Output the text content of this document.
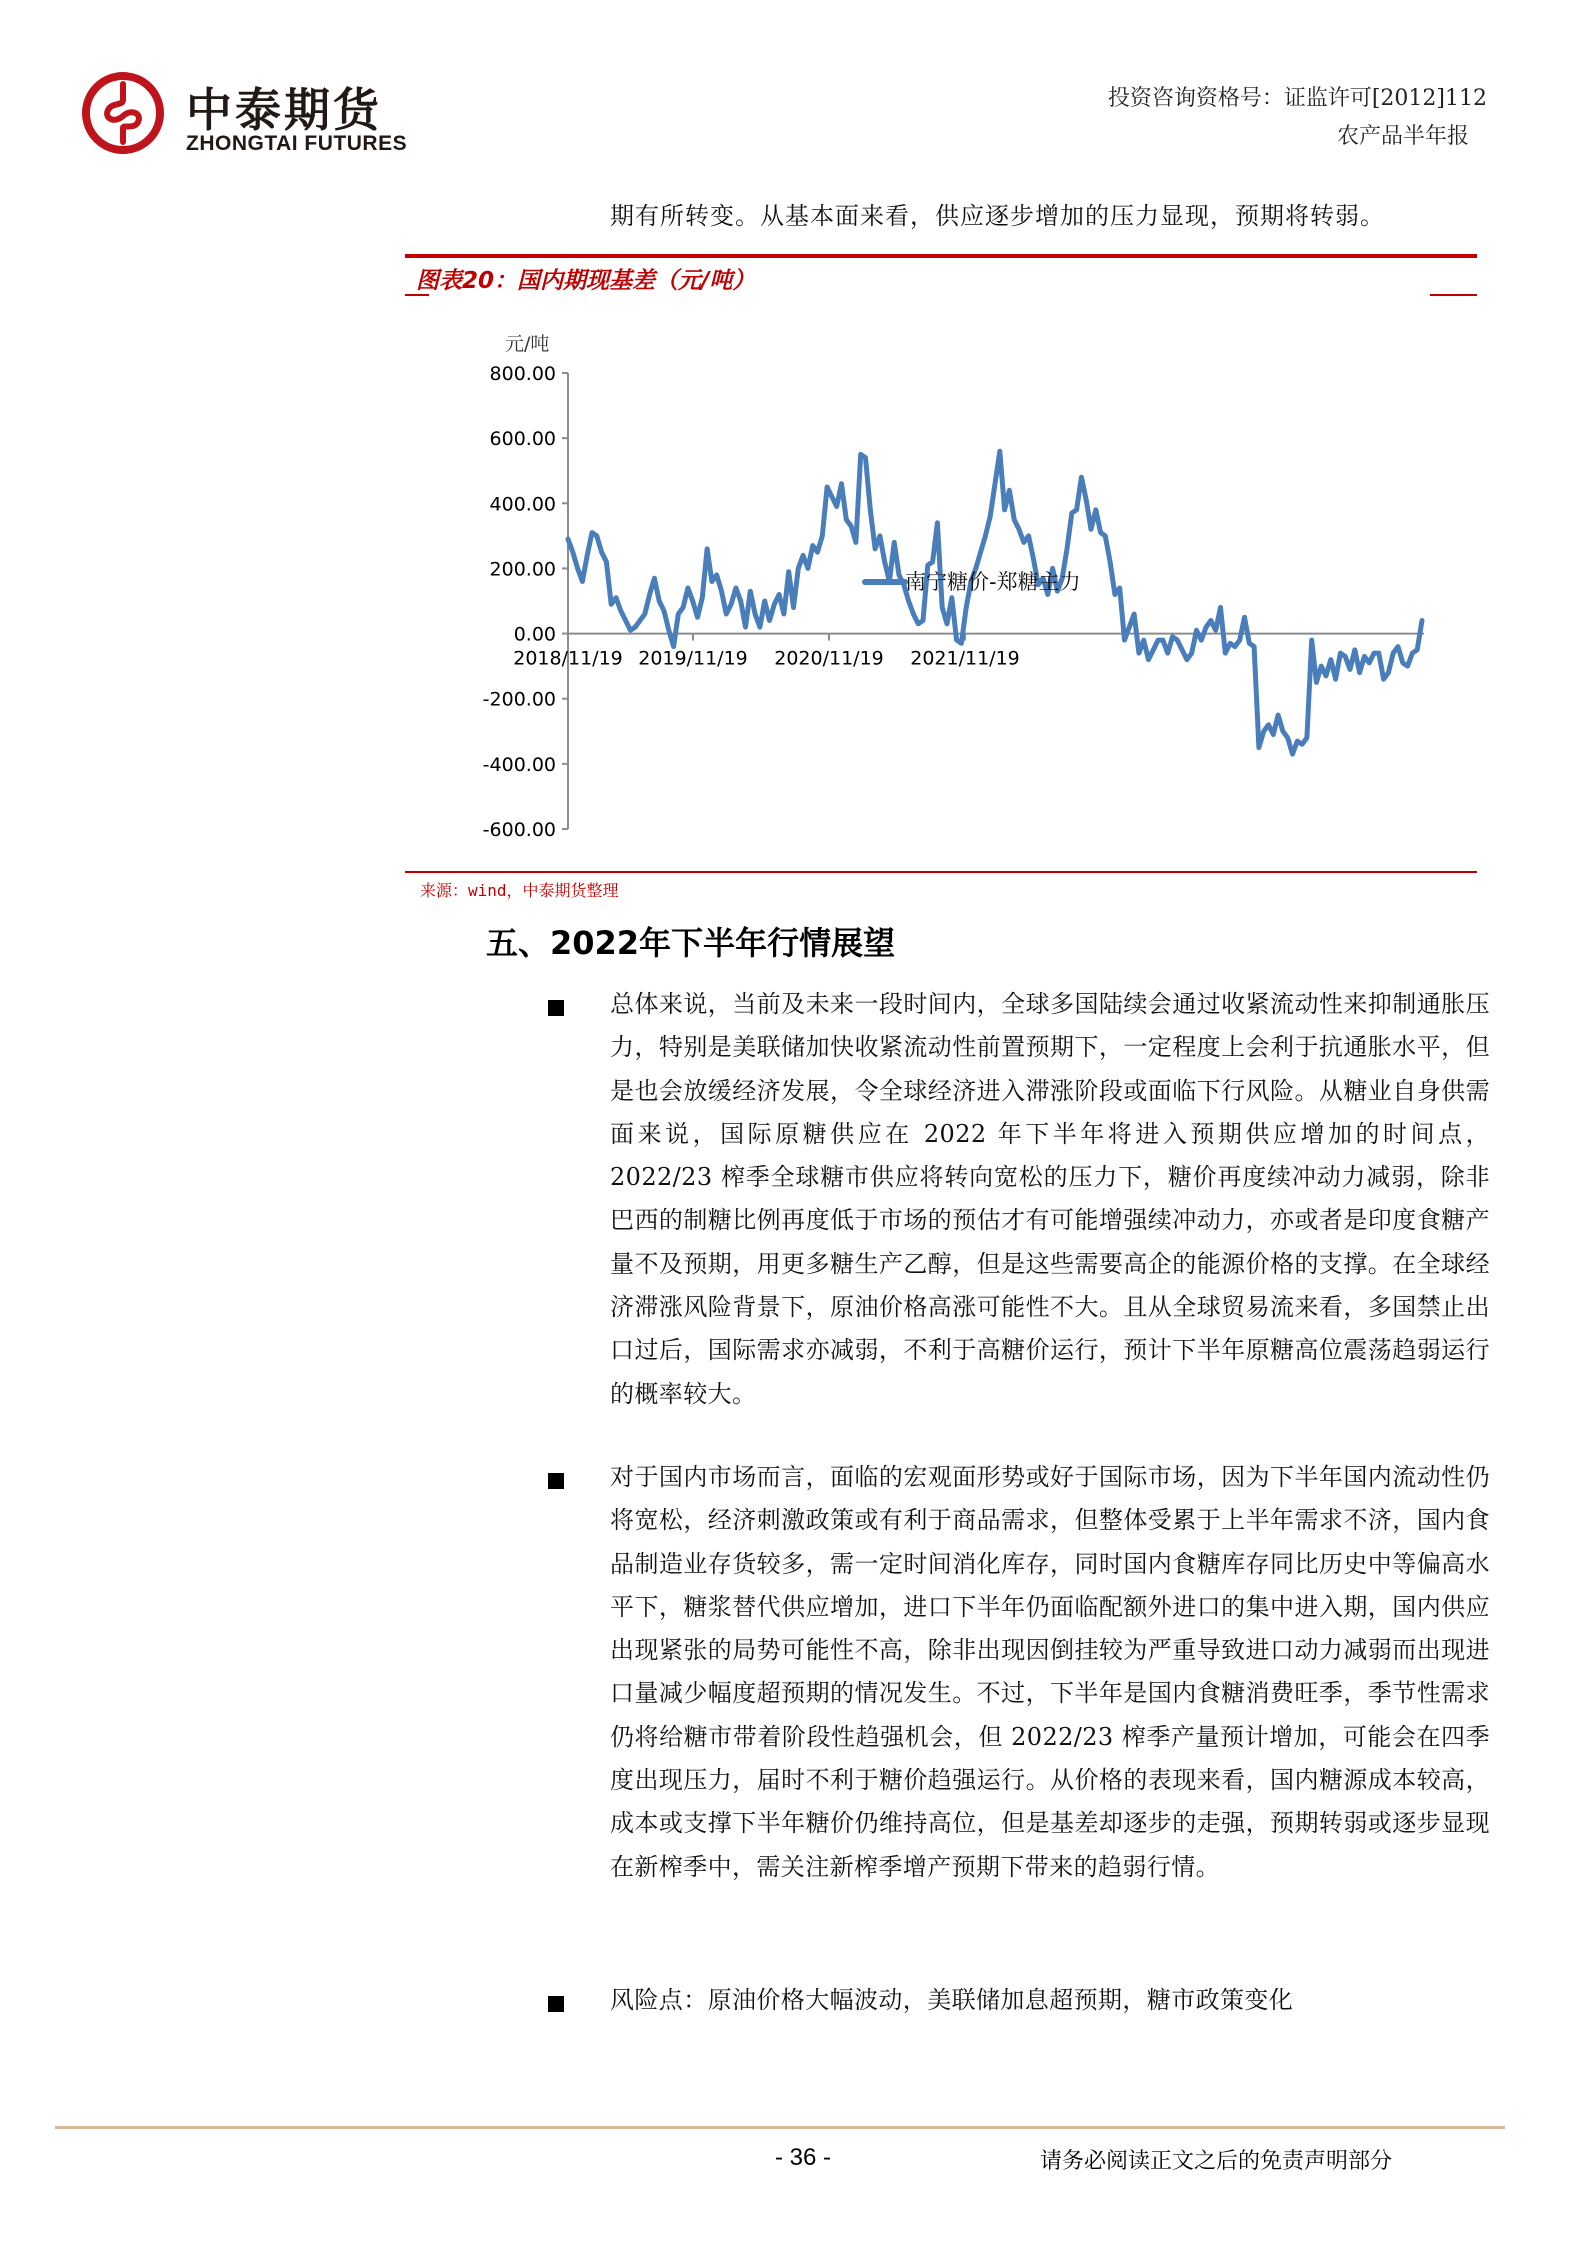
中泰期货
ZHONGTAI FUTURES
投资咨询资格号：证监许可[2012]112
农产品半年报
期有所转变。从基本面来看，供应逐步增加的压力显现，预期将转弱。
图表20：国内期现基差（元/吨）
800.00
600.00
400.00
200.00
0.00
-200.00
-400.00
-600.00
元/吨
2018/11/19 2019/11/19 2020/11/19 2021/11/19
南宁糖价-郑糖主力
来源：wind，中泰期货整理
五、2022年下半年行情展望
总体来说，当前及未来一段时间内，全球多国陆续会通过收紧流动性来抑制通胀压力，特别是美联储加快收紧流动性前置预期下，一定程度上会利于抗通胀水平，但是也会放缓经济发展，令全球经济进入滞涨阶段或面临下行风险。从糖业自身供需面来说，国际原糖供应在 2022 年下半年将进入预期供应增加的时间点，2022/23 榨季全球糖市供应将转向宽松的压力下，糖价再度续冲动力减弱，除非巴西的制糖比例再度低于市场的预估才有可能增强续冲动力，亦或者是印度食糖产量不及预期，用更多糖生产乙醇，但是这些需要高企的能源价格的支撑。在全球经济滞涨风险背景下，原油价格高涨可能性不大。且从全球贸易流来看，多国禁止出口过后，国际需求亦减弱，不利于高糖价运行，预计下半年原糖高位震荡趋弱运行的概率较大。
对于国内市场而言，面临的宏观面形势或好于国际市场，因为下半年国内流动性仍将宽松，经济刺激政策或有利于商品需求，但整体受累于上半年需求不济，国内食品制造业存货较多，需一定时间消化库存，同时国内食糖库存同比历史中等偏高水平下，糖浆替代供应增加，进口下半年仍面临配额外进口的集中进入期，国内供应出现紧张的局势可能性不高，除非出现因倒挂较为严重导致进口动力减弱而出现进口量减少幅度超预期的情况发生。不过，下半年是国内食糖消费旺季，季节性需求仍将给糖市带着阶段性趋强机会，但 2022/23 榨季产量预计增加，可能会在四季度出现压力，届时不利于糖价趋强运行。从价格的表现来看，国内糖源成本较高，成本或支撑下半年糖价仍维持高位，但是基差却逐步的走强，预期转弱或逐步显现在新榨季中，需关注新榨季增产预期下带来的趋弱行情。
风险点：原油价格大幅波动，美联储加息超预期，糖市政策变化
- 36 -	请务必阅读正文之后的免责声明部分
